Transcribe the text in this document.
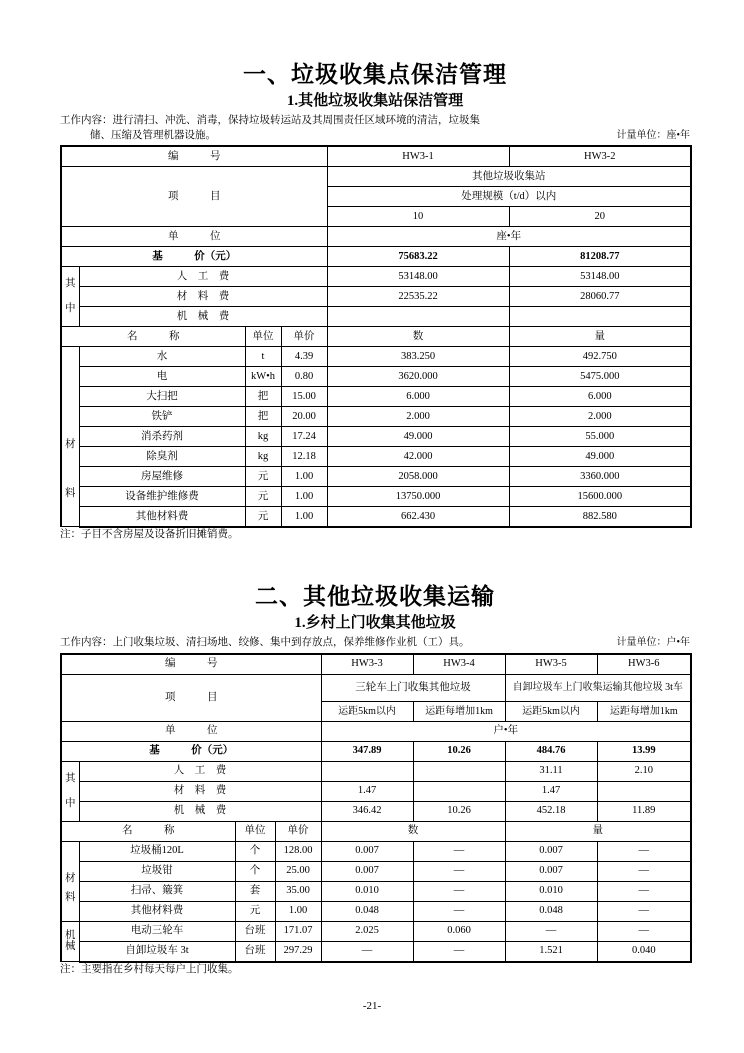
一、垃圾收集点保洁管理
1.其他垃圾收集站保洁管理
工作内容：进行清扫、冲洗、消毒，保持垃圾转运站及其周围责任区域环境的清洁，垃圾集
储、压缩及管理机器设施。	计量单位：座•年
编　　　号				HW3-1	HW3-2
项　　　目				其他垃圾收集站	
				处理规模（t/d）以内	
				10	20
单　　　位				座•年	
基　　　价（元）				75683.22	81208.77

其

中	人　工　费			53148.00	53148.00
	材　料　费			22535.22	28060.77
	机　械　费				
名　　　称		单位	单价	数	量

材

料	水	t	4.39	383.250	492.750
	电	kW•h	0.80	3620.000	5475.000
	大扫把	把	15.00	6.000	6.000
	铁铲	把	20.00	2.000	2.000
	消杀药剂	kg	17.24	49.000	55.000
	除臭剂	kg	12.18	42.000	49.000
	房屋维修	元	1.00	2058.000	3360.000
	设备维护维修费	元	1.00	13750.000	15600.000
	其他材料费	元	1.00	662.430	882.580
注：子目不含房屋及设备折旧摊销费。
二、其他垃圾收集运输
1.乡村上门收集其他垃圾
工作内容：上门收集垃圾、清扫场地、绞修、集中到存放点，保养维修作业机（工）具。	计量单位：户•年
编　　　号				HW3-3	HW3-4	HW3-5	HW3-6
项　　　目				三轮车上门收集其他垃圾		自卸垃圾车上门收集运输其他垃圾 3t车	
				运距5km以内	运距每增加1km	运距5km以内	运距每增加1km
单　　　位				户•年			
基　　　价（元）				347.89	10.26	484.76	13.99

其

中	人　工　费					31.11	2.10
	材　料　费			1.47		1.47	
	机　械　费			346.42	10.26	452.18	11.89
名　　　称		单位	单价	数		量	

材

料	垃圾桶120L	个	128.00	0.007	—	0.007	—
	垃圾钳	个	25.00	0.007	—	0.007	—
	扫帚、簸箕	套	35.00	0.010	—	0.010	—
	其他材料费	元	1.00	0.048	—	0.048	—

机
械	电动三轮车	台班	171.07	2.025	0.060	—	—
	自卸垃圾车 3t	台班	297.29	—	—	1.521	0.040
注：主要指在乡村每天每户上门收集。
-21-
